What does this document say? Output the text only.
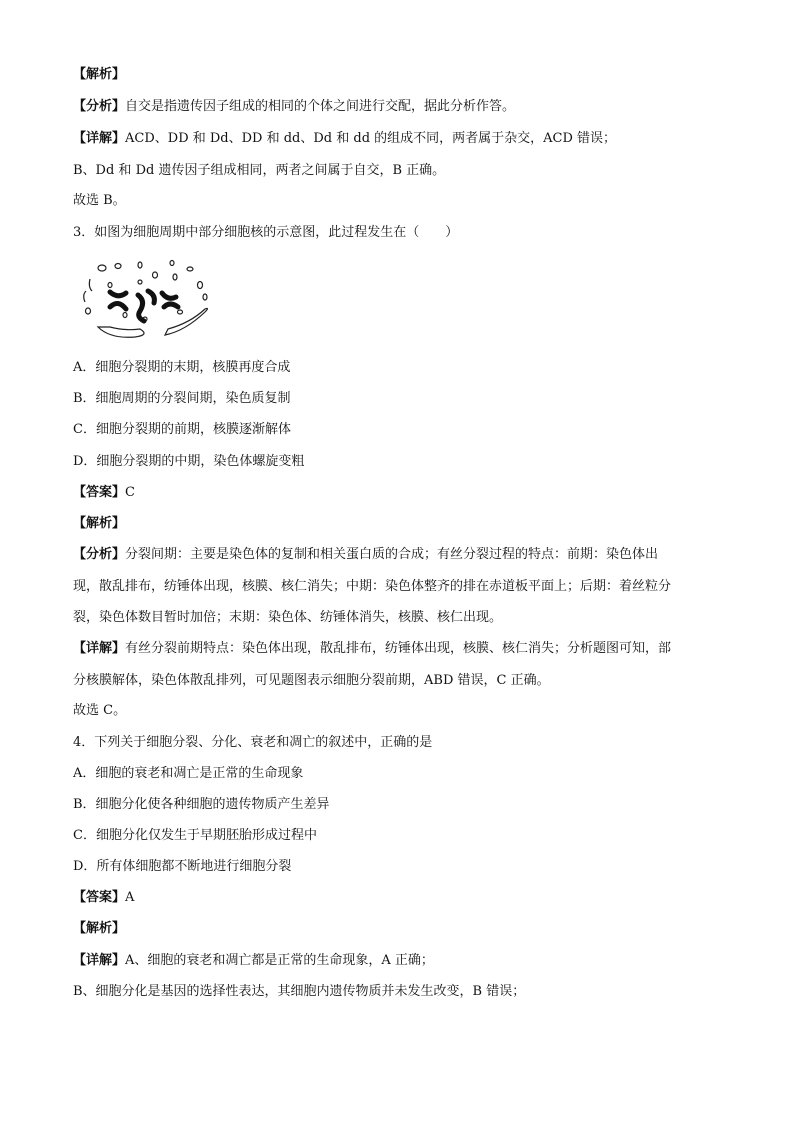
【解析】
【分析】自交是指遗传因子组成的相同的个体之间进行交配，据此分析作答。
【详解】ACD、DD 和 Dd、DD 和 dd、Dd 和 dd 的组成不同，两者属于杂交，ACD 错误；
B、Dd 和 Dd 遗传因子组成相同，两者之间属于自交，B 正确。
故选 B。
3．如图为细胞周期中部分细胞核的示意图，此过程发生在（　　）
A．细胞分裂期的末期，核膜再度合成
B．细胞周期的分裂间期，染色质复制
C．细胞分裂期的前期，核膜逐渐解体
D．细胞分裂期的中期，染色体螺旋变粗
【答案】C
【解析】
【分析】分裂间期：主要是染色体的复制和相关蛋白质的合成；有丝分裂过程的特点：前期：染色体出
现，散乱排布，纺锤体出现，核膜、核仁消失；中期：染色体整齐的排在赤道板平面上；后期：着丝粒分
裂，染色体数目暂时加倍；末期：染色体、纺锤体消失，核膜、核仁出现。
【详解】有丝分裂前期特点：染色体出现，散乱排布，纺锤体出现，核膜、核仁消失；分析题图可知，部
分核膜解体，染色体散乱排列，可见题图表示细胞分裂前期，ABD 错误，C 正确。
故选 C。
4．下列关于细胞分裂、分化、衰老和凋亡的叙述中，正确的是
A．细胞的衰老和凋亡是正常的生命现象
B．细胞分化使各种细胞的遗传物质产生差异
C．细胞分化仅发生于早期胚胎形成过程中
D．所有体细胞都不断地进行细胞分裂
【答案】A
【解析】
【详解】A、细胞的衰老和凋亡都是正常的生命现象，A 正确；
B、细胞分化是基因的选择性表达，其细胞内遗传物质并未发生改变，B 错误；
